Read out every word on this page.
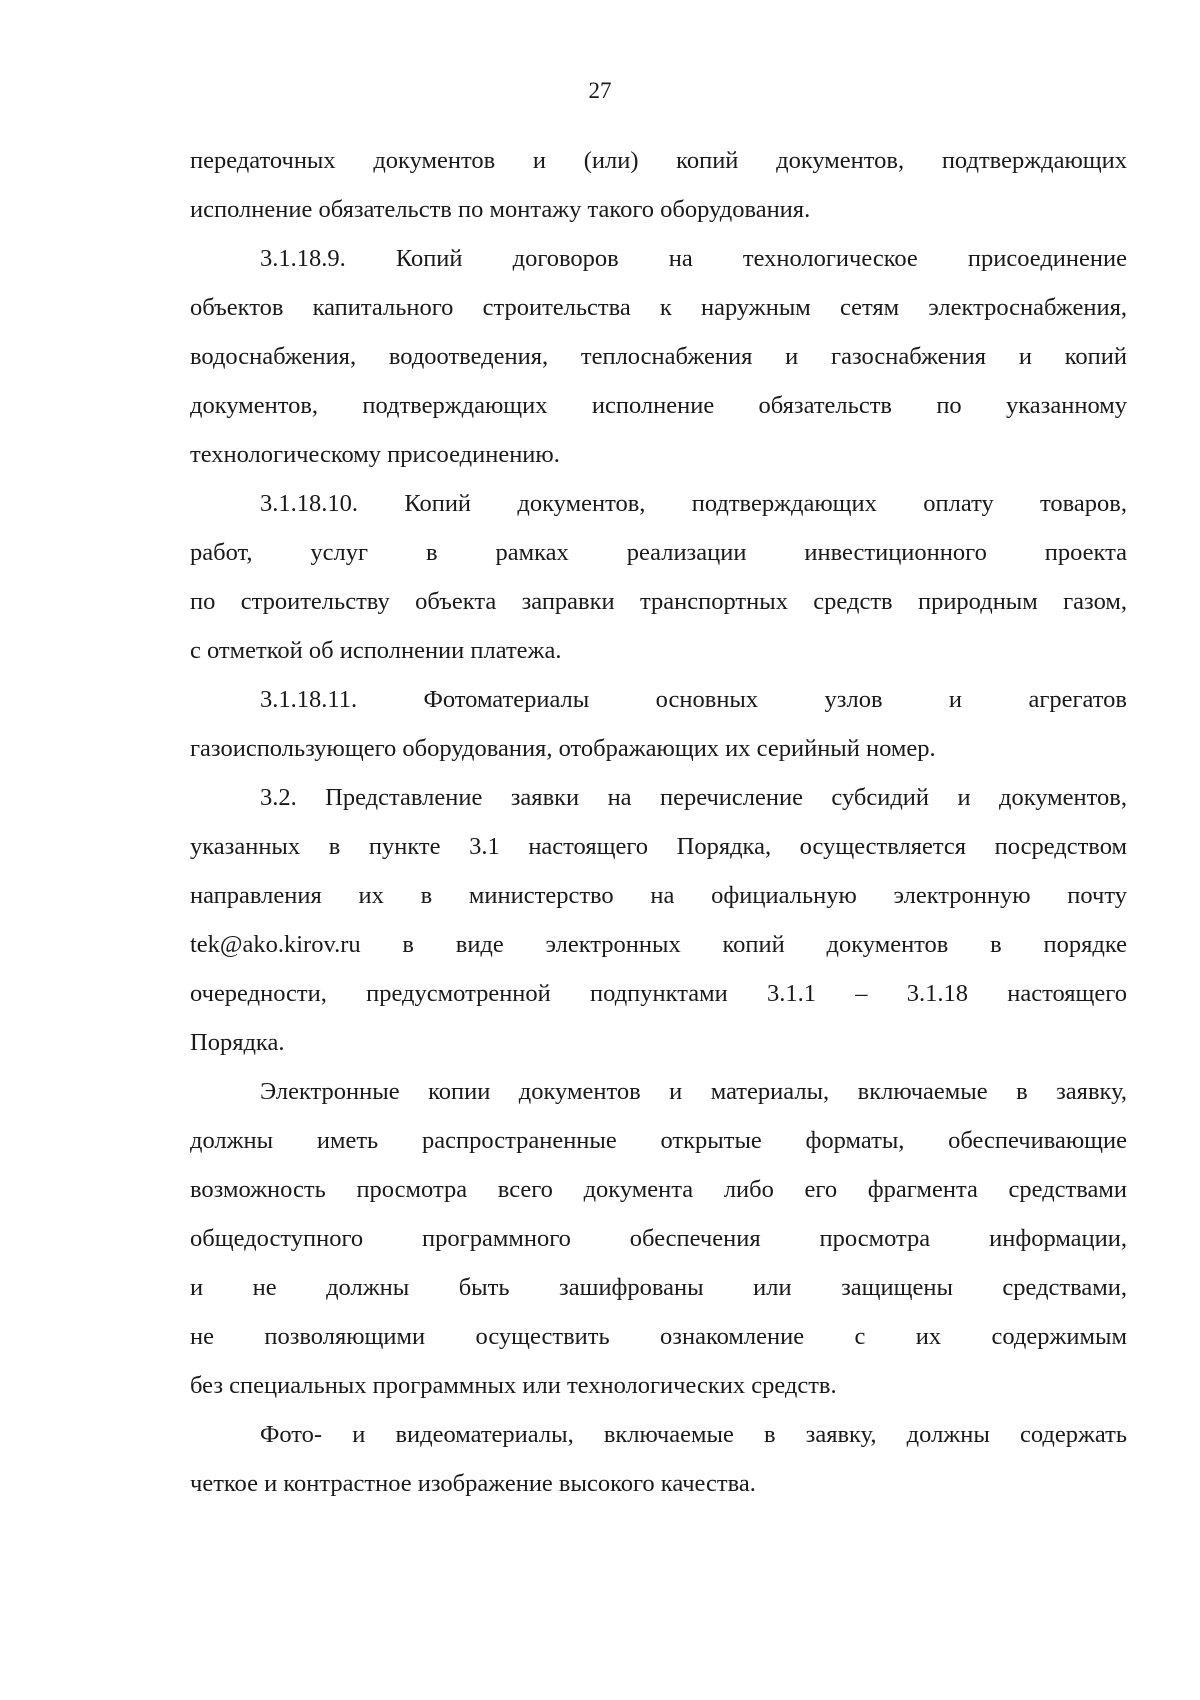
27
передаточных документов и (или) копий документов, подтверждающих
исполнение обязательств по монтажу такого оборудования.
3.1.18.9. Копий договоров на технологическое присоединение
объектов капитального строительства к наружным сетям электроснабжения,
водоснабжения, водоотведения, теплоснабжения и газоснабжения и копий
документов, подтверждающих исполнение обязательств по указанному
технологическому присоединению.
3.1.18.10. Копий документов, подтверждающих оплату товаров,
работ, услуг в рамках реализации инвестиционного проекта
по строительству объекта заправки транспортных средств природным газом,
с отметкой об исполнении платежа.
3.1.18.11. Фотоматериалы основных узлов и агрегатов
газоиспользующего оборудования, отображающих их серийный номер.
3.2. Представление заявки на перечисление субсидий и документов,
указанных в пункте 3.1 настоящего Порядка, осуществляется посредством
направления их в министерство на официальную электронную почту
tek@ako.kirov.ru в виде электронных копий документов в порядке
очередности, предусмотренной подпунктами 3.1.1 – 3.1.18 настоящего
Порядка.
Электронные копии документов и материалы, включаемые в заявку,
должны иметь распространенные открытые форматы, обеспечивающие
возможность просмотра всего документа либо его фрагмента средствами
общедоступного программного обеспечения просмотра информации,
и не должны быть зашифрованы или защищены средствами,
не позволяющими осуществить ознакомление с их содержимым
без специальных программных или технологических средств.
Фото- и видеоматериалы, включаемые в заявку, должны содержать
четкое и контрастное изображение высокого качества.
